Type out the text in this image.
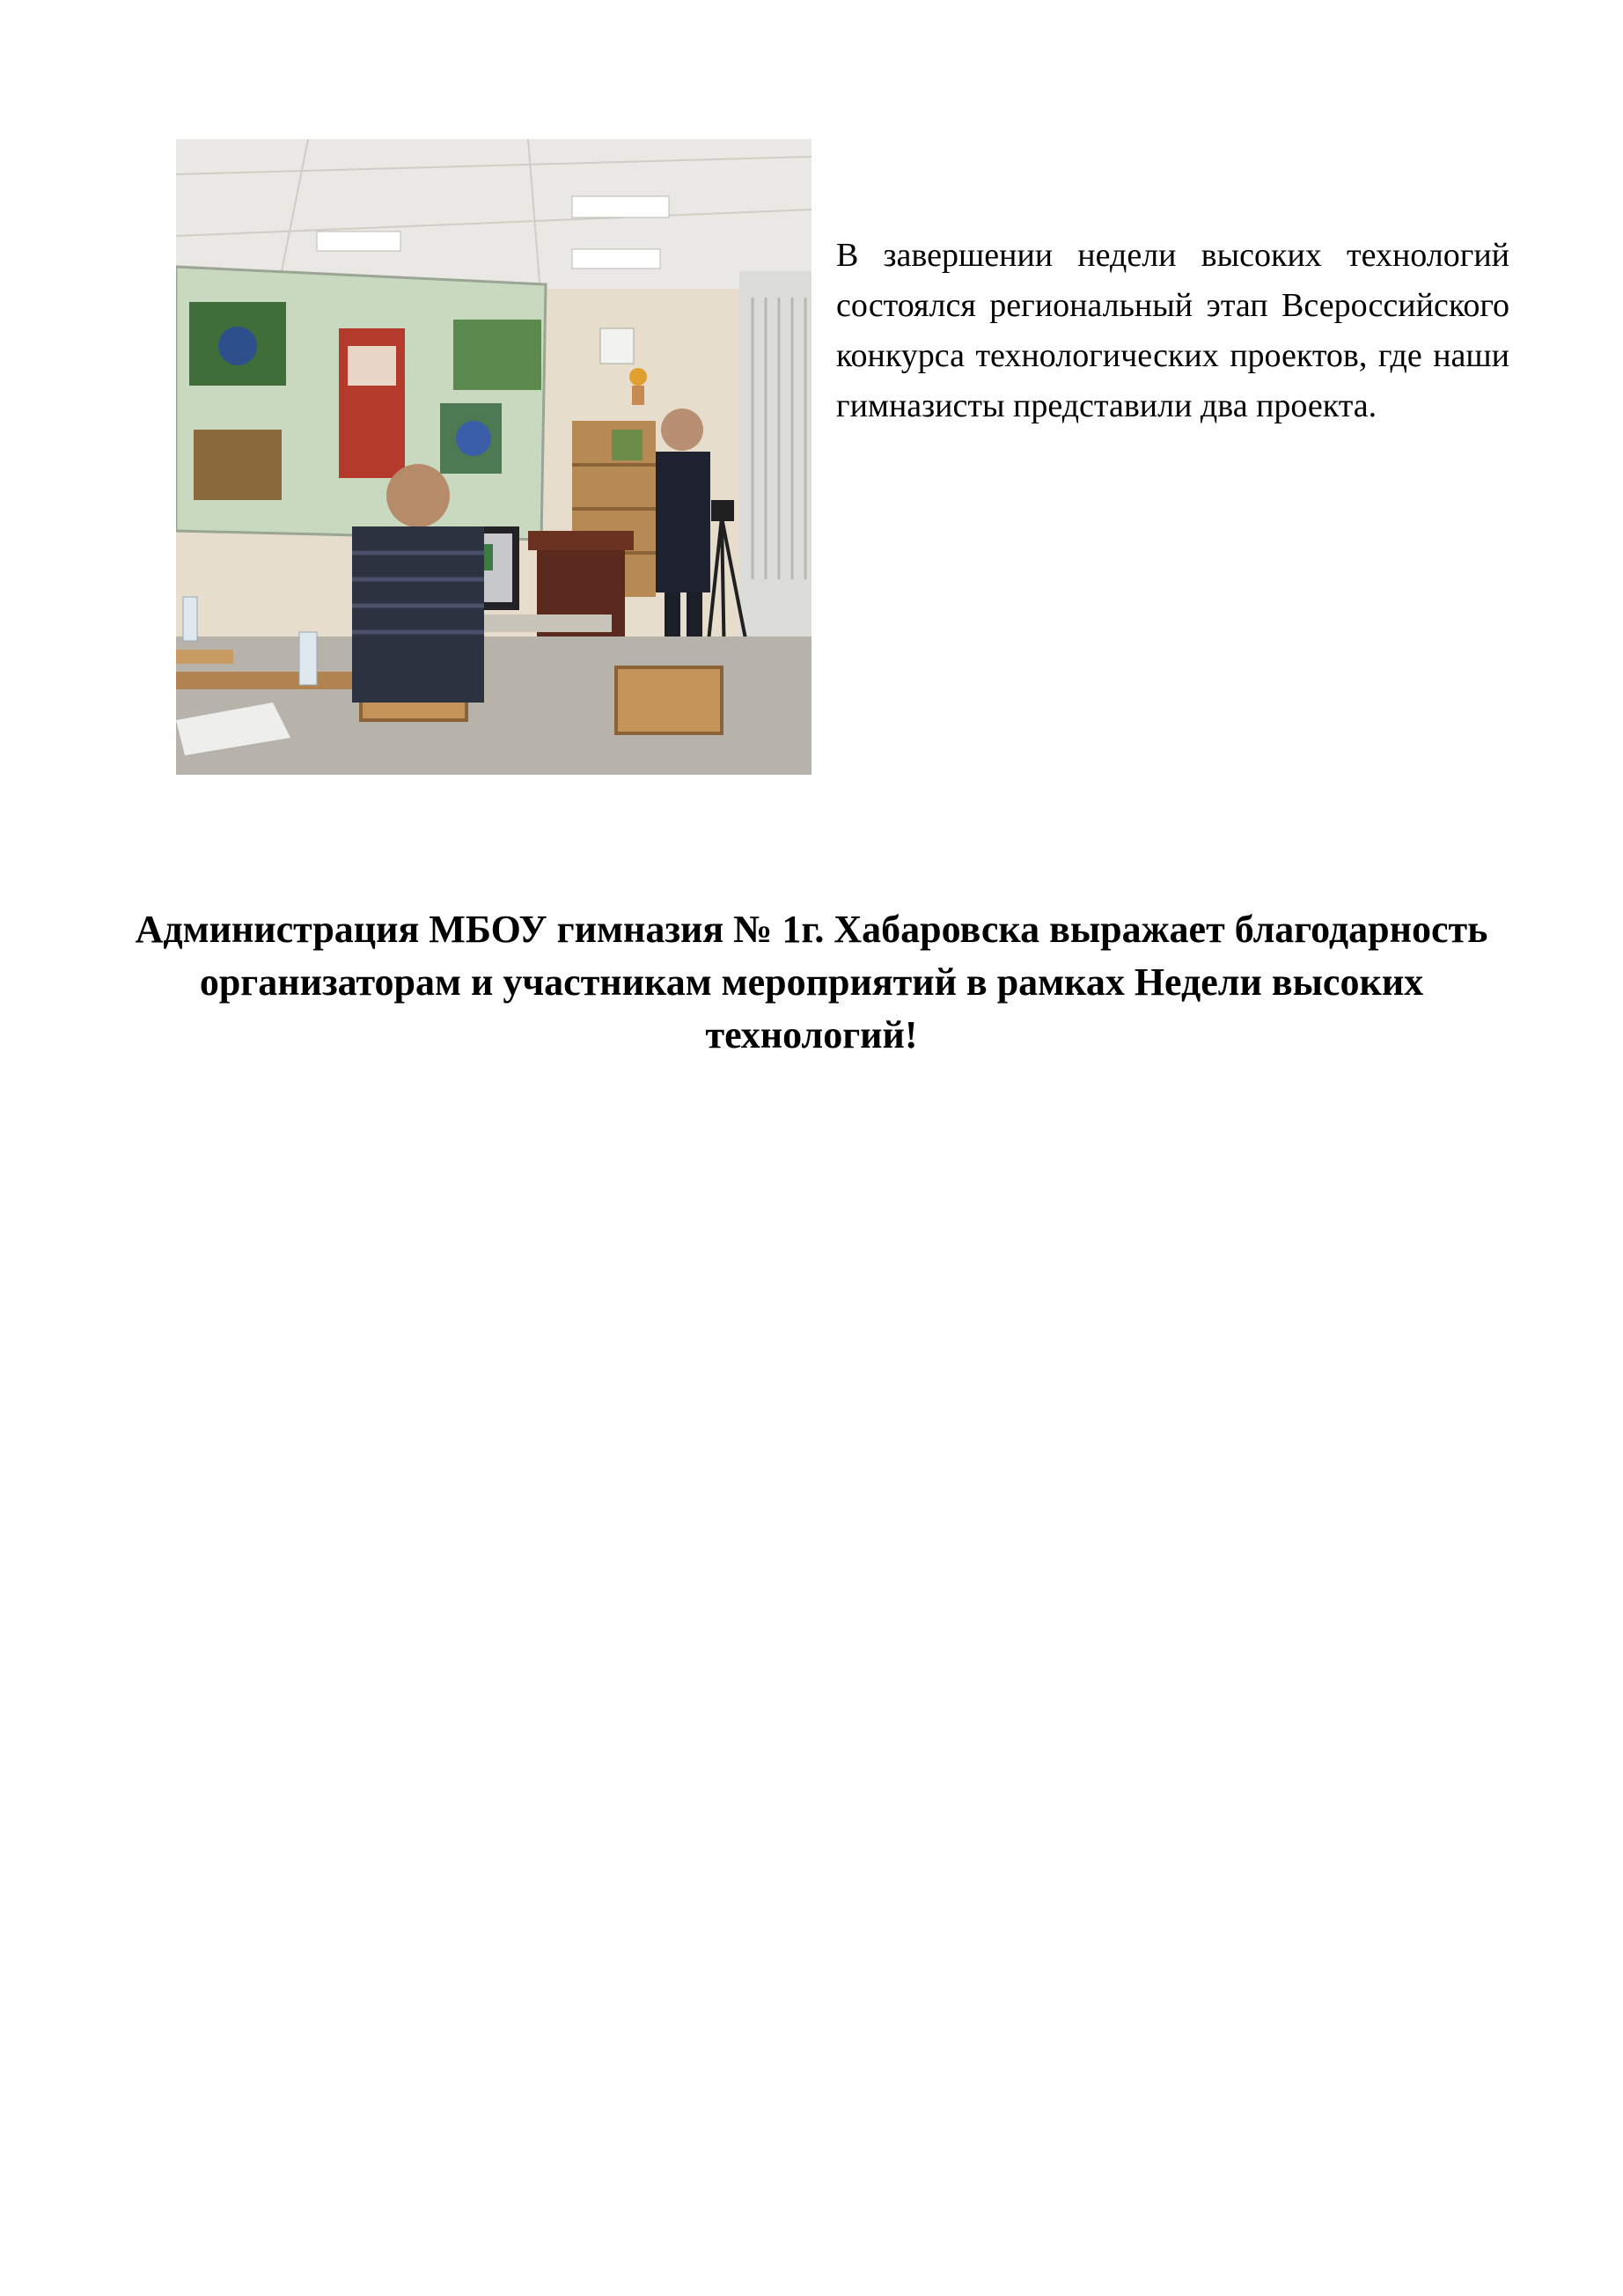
В завершении недели высоких технологий состоялся региональный этап Всероссийского конкурса технологических проектов, где наши гимназисты представили два проекта.

Администрация МБОУ гимназия № 1г. Хабаровска выражает благодарность организаторам и участникам мероприятий в рамках Недели высоких технологий!
